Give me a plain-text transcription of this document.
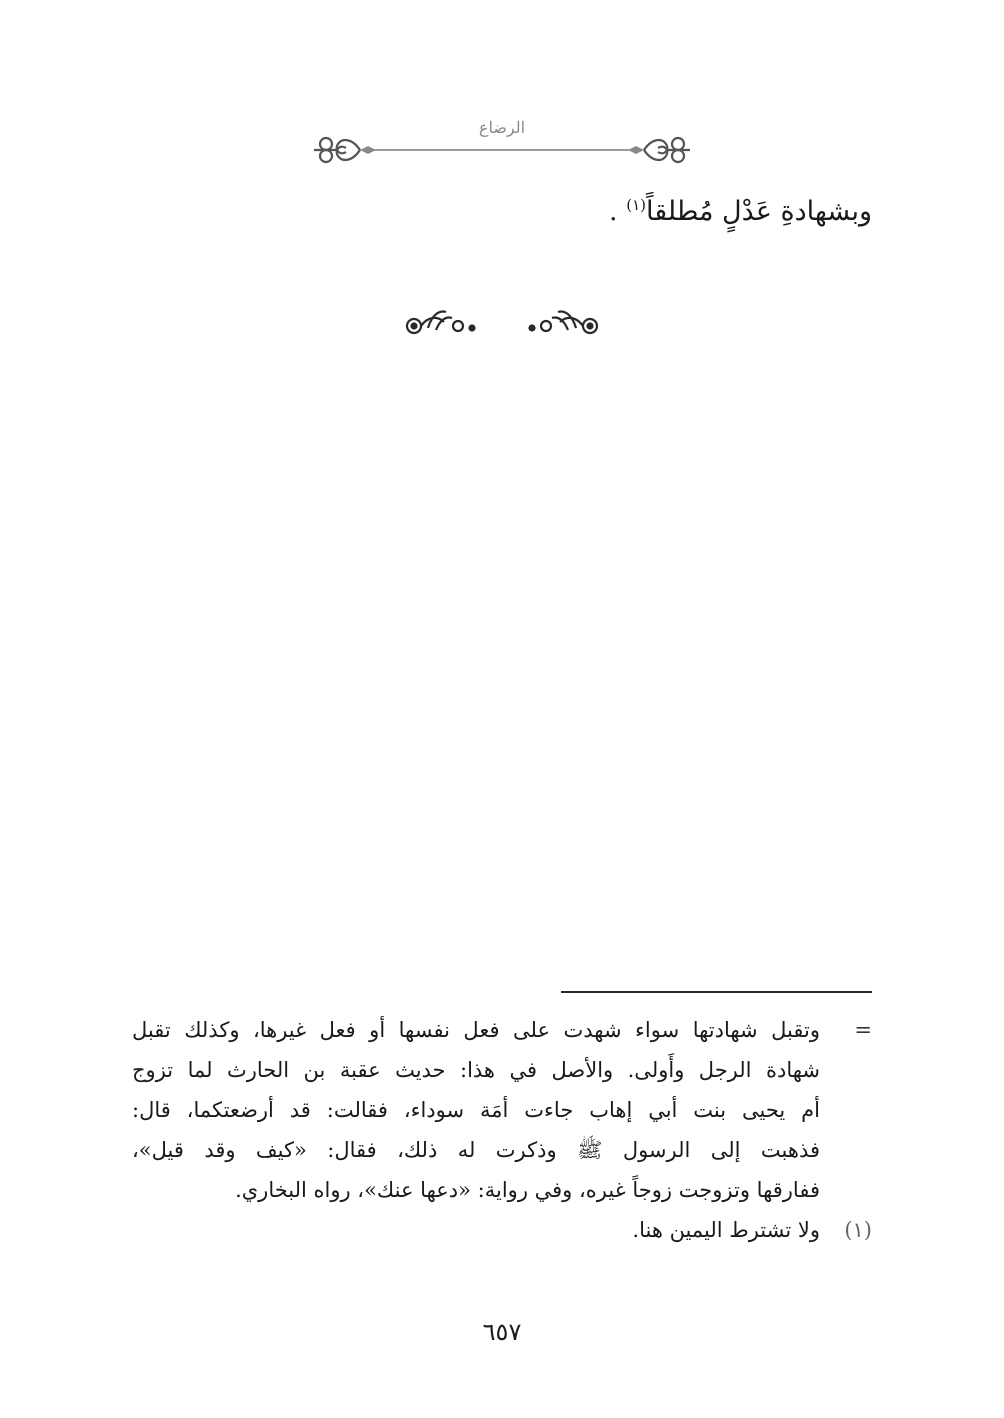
الرضاع
وبشهادةِ عَدْلٍ مُطلقاً$^{(١)}$ .
=
وتقبل شهادتها سواء شهدت على فعل نفسها أو فعل غيرها، وكذلك تقبل
شهادة الرجل وأَولى. والأصل في هذا: حديث عقبة بن الحارث لما تزوج
أم يحيى بنت أبي إهاب جاءت أمَة سوداء، فقالت: قد أرضعتكما، قال:
فذهبت إلى الرسول ﷺ وذكرت له ذلك، فقال: «كيف وقد قيل»،
ففارقها وتزوجت زوجاً غيره، وفي رواية: «دعها عنك»، رواه البخاري.
(١)
ولا تشترط اليمين هنا.
٦٥٧
